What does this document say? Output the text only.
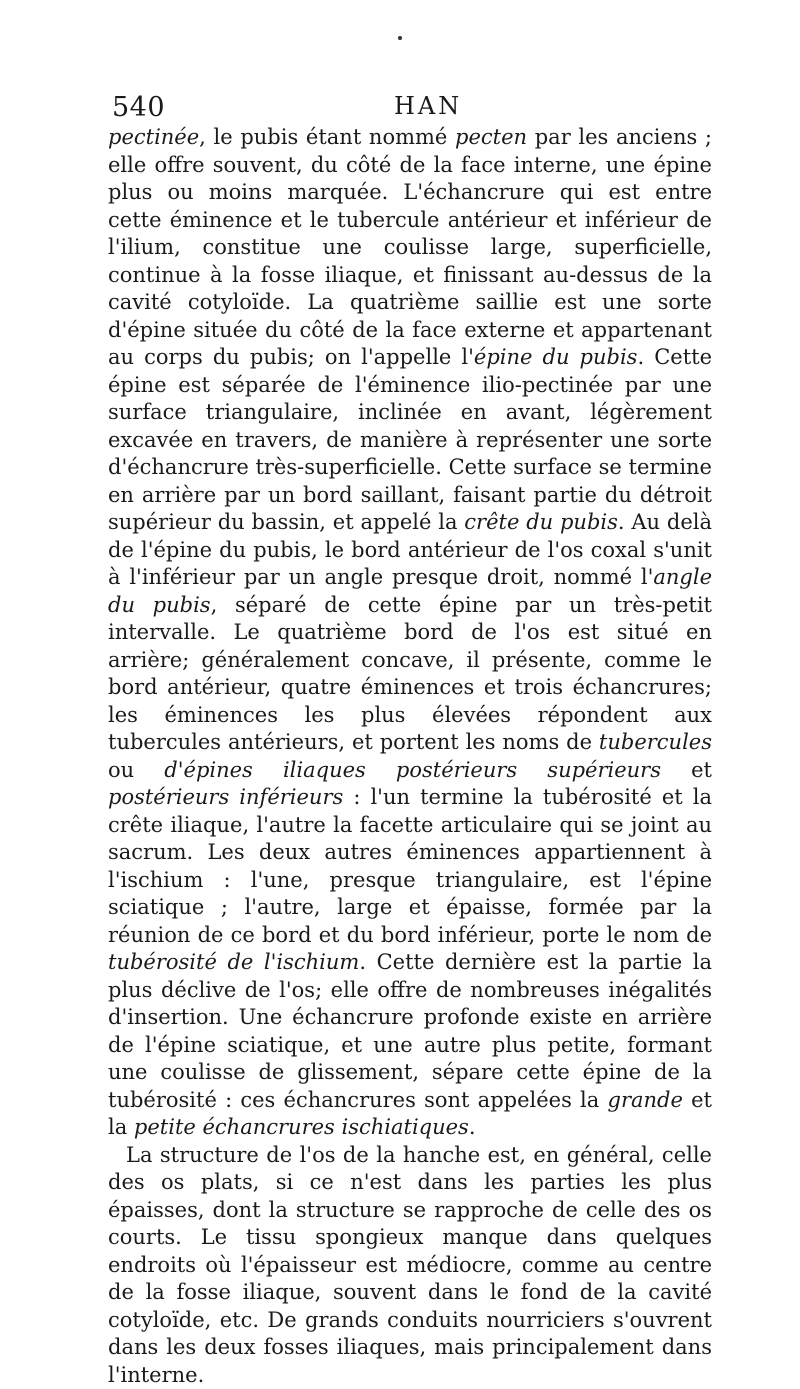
540	HAN

pectinée, le pubis étant nommé pecten par les anciens ; elle offre souvent, du côté de la face interne, une épine plus ou moins marquée. L'échancrure qui est entre cette éminence et le tubercule antérieur et inférieur de l'ilium, constitue une coulisse large, superficielle, continue à la fosse iliaque, et finissant au-dessus de la cavité cotyloïde. La quatrième saillie est une sorte d'épine située du côté de la face externe et appartenant au corps du pubis; on l'appelle l'épine du pubis. Cette épine est séparée de l'éminence ilio-pectinée par une surface triangulaire, inclinée en avant, légèrement excavée en travers, de manière à représenter une sorte d'échancrure très-superficielle. Cette surface se termine en arrière par un bord saillant, faisant partie du détroit supérieur du bassin, et appelé la crête du pubis. Au delà de l'épine du pubis, le bord antérieur de l'os coxal s'unit à l'inférieur par un angle presque droit, nommé l'angle du pubis, séparé de cette épine par un très-petit intervalle. Le quatrième bord de l'os est situé en arrière; généralement concave, il présente, comme le bord antérieur, quatre éminences et trois échancrures; les éminences les plus élevées répondent aux tubercules antérieurs, et portent les noms de tubercules ou d'épines iliaques postérieurs supérieurs et postérieurs inférieurs : l'un termine la tubérosité et la crête iliaque, l'autre la facette articulaire qui se joint au sacrum. Les deux autres éminences appartiennent à l'ischium : l'une, presque triangulaire, est l'épine sciatique ; l'autre, large et épaisse, formée par la réunion de ce bord et du bord inférieur, porte le nom de tubérosité de l'ischium. Cette dernière est la partie la plus déclive de l'os; elle offre de nombreuses inégalités d'insertion. Une échancrure profonde existe en arrière de l'épine sciatique, et une autre plus petite, formant une coulisse de glissement, sépare cette épine de la tubérosité : ces échancrures sont appelées la grande et la petite échancrures ischiatiques.

La structure de l'os de la hanche est, en général, celle des os plats, si ce n'est dans les parties les plus épaisses, dont la structure se rapproche de celle des os courts. Le tissu spongieux manque dans quelques endroits où l'épaisseur est médiocre, comme au centre de la fosse iliaque, souvent dans le fond de la cavité cotyloïde, etc. De grands conduits nourriciers s'ouvrent dans les deux fosses iliaques, mais principalement dans l'interne.
